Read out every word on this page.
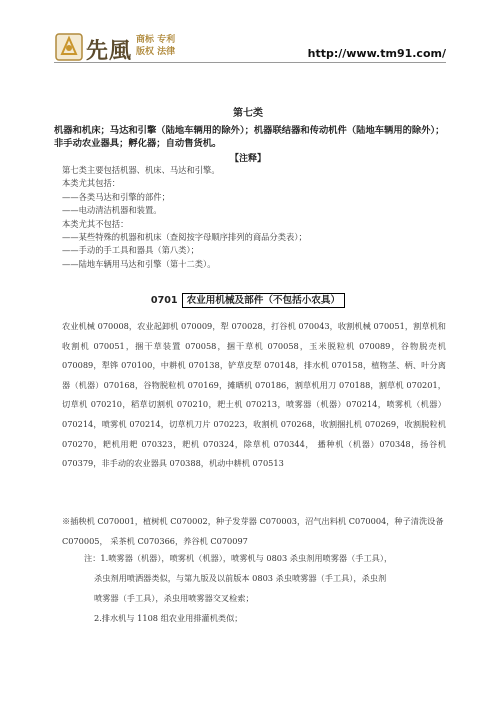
先風 商标 专利
版权 法律	http://www.tm91.com/
第七类
机器和机床；马达和引擎（陆地车辆用的除外）；机器联结器和传动机件（陆地车辆用的除外）；非手动农业器具；孵化器；自动售货机。
【注释】
第七类主要包括机器、机床、马达和引擎。
本类尤其包括：
——各类马达和引擎的部件；
——电动清洁机器和装置。
本类尤其不包括：
——某些特殊的机器和机床（查阅按字母顺序排列的商品分类表）；
——手动的手工具和器具（第八类）；
——陆地车辆用马达和引擎（第十二类）。
0701 农业用机械及部件（不包括小农具）
农业机械 070008，农业起卸机 070009，犁 070028，打谷机 070043，收割机械 070051，割草机和收割机 070051，捆干草装置 070058，捆干草机 070058，玉米脱粒机 070089，谷物脱壳机 070089，犁铧 070100，中耕机 070138，铲草皮犁 070148，排水机 070158，植物茎、柄、叶分离器（机器）070168，谷物脱粒机 070169，摊晒机 070186，割草机用刀 070188，割草机 070201，切草机 070210，稻草切割机 070210，耙土机 070213，喷雾器（机器）070214，喷雾机（机器）070214，喷雾机 070214，切草机刀片 070223，收割机 070268，收割捆扎机 070269，收割脱粒机 070270，耙机用耙 070323，耙机 070324，除草机 070344， 播种机（机器）070348，扬谷机 070379，非手动的农业器具 070388，机动中耕机 070513
※插秧机 C070001，植树机 C070002，种子发芽器 C070003，沼气出料机 C070004，种子清洗设备 C070005， 采茶机 C070366，养谷机 C070097
注：1.喷雾器（机器），喷雾机（机器），喷雾机与 0803 杀虫剂用喷雾器（手工具），
杀虫剂用喷洒器类似，与第九版及以前版本 0803 杀虫喷雾器（手工具），杀虫剂
喷雾器（手工具），杀虫用喷雾器交叉检索；
2.排水机与 1108 组农业用排灌机类似；
